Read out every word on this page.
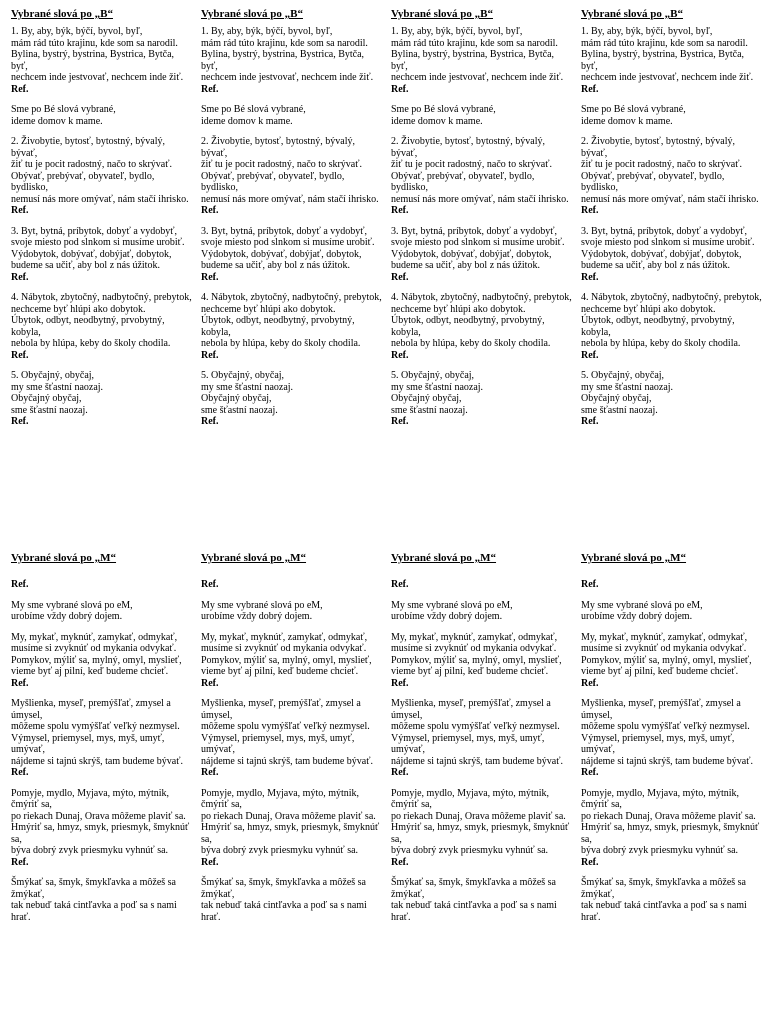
Vybrané slová po „B“
1. By, aby, býk, býčí, byvol, byľ,
mám rád túto krajinu, kde som sa narodil.
Bylina, bystrý, bystrina, Bystrica, Bytča, byť,
nechcem inde jestvovať, nechcem inde žiť.
Ref.
Sme po Bé slová vybrané,
ideme domov k mame.
2. Živobytie, bytosť, bytostný, bývalý, bývať,
žiť tu je pocit radostný, načo to skrývať.
Obývať, prebývať, obyvateľ, bydlo, bydlisko,
nemusí nás more omývať, nám stačí ihrisko.
Ref.
3. Byt, bytná, príbytok, dobyť a vydobyť,
svoje miesto pod slnkom si musíme urobiť.
Výdobytok, dobývať, dobýjať, dobytok,
budeme sa učiť, aby bol z nás úžitok.
Ref.
4. Nábytok, zbytočný, nadbytočný, prebytok,
nechceme byť hlúpi ako dobytok.
Úbytok, odbyt, neodbytný, prvobytný, kobyla,
nebola by hlúpa, keby do školy chodila.
Ref.
5. Obyčajný, obyčaj,
my sme šťastní naozaj.
Obyčajný obyčaj,
sme šťastní naozaj.
Ref.
Vybrané slová po „B“
1. By, aby, býk, býčí, byvol, byľ,
mám rád túto krajinu, kde som sa narodil.
Bylina, bystrý, bystrina, Bystrica, Bytča, byť,
nechcem inde jestvovať, nechcem inde žiť.
Ref.
Sme po Bé slová vybrané,
ideme domov k mame.
2. Živobytie, bytosť, bytostný, bývalý, bývať,
žiť tu je pocit radostný, načo to skrývať.
Obývať, prebývať, obyvateľ, bydlo, bydlisko,
nemusí nás more omývať, nám stačí ihrisko.
Ref.
3. Byt, bytná, príbytok, dobyť a vydobyť,
svoje miesto pod slnkom si musíme urobiť.
Výdobytok, dobývať, dobýjať, dobytok,
budeme sa učiť, aby bol z nás úžitok.
Ref.
4. Nábytok, zbytočný, nadbytočný, prebytok,
nechceme byť hlúpi ako dobytok.
Úbytok, odbyt, neodbytný, prvobytný, kobyla,
nebola by hlúpa, keby do školy chodila.
Ref.
5. Obyčajný, obyčaj,
my sme šťastní naozaj.
Obyčajný obyčaj,
sme šťastní naozaj.
Ref.
Vybrané slová po „B“
1. By, aby, býk, býčí, byvol, byľ,
mám rád túto krajinu, kde som sa narodil.
Bylina, bystrý, bystrina, Bystrica, Bytča, byť,
nechcem inde jestvovať, nechcem inde žiť.
Ref.
Sme po Bé slová vybrané,
ideme domov k mame.
2. Živobytie, bytosť, bytostný, bývalý, bývať,
žiť tu je pocit radostný, načo to skrývať.
Obývať, prebývať, obyvateľ, bydlo, bydlisko,
nemusí nás more omývať, nám stačí ihrisko.
Ref.
3. Byt, bytná, príbytok, dobyť a vydobyť,
svoje miesto pod slnkom si musíme urobiť.
Výdobytok, dobývať, dobýjať, dobytok,
budeme sa učiť, aby bol z nás úžitok.
Ref.
4. Nábytok, zbytočný, nadbytočný, prebytok,
nechceme byť hlúpi ako dobytok.
Úbytok, odbyt, neodbytný, prvobytný, kobyla,
nebola by hlúpa, keby do školy chodila.
Ref.
5. Obyčajný, obyčaj,
my sme šťastní naozaj.
Obyčajný obyčaj,
sme šťastní naozaj.
Ref.
Vybrané slová po „B“
1. By, aby, býk, býčí, byvol, byľ,
mám rád túto krajinu, kde som sa narodil.
Bylina, bystrý, bystrina, Bystrica, Bytča, byť,
nechcem inde jestvovať, nechcem inde žiť.
Ref.
Sme po Bé slová vybrané,
ideme domov k mame.
2. Živobytie, bytosť, bytostný, bývalý, bývať,
žiť tu je pocit radostný, načo to skrývať.
Obývať, prebývať, obyvateľ, bydlo, bydlisko,
nemusí nás more omývať, nám stačí ihrisko.
Ref.
3. Byt, bytná, príbytok, dobyť a vydobyť,
svoje miesto pod slnkom si musíme urobiť.
Výdobytok, dobývať, dobýjať, dobytok,
budeme sa učiť, aby bol z nás úžitok.
Ref.
4. Nábytok, zbytočný, nadbytočný, prebytok,
nechceme byť hlúpi ako dobytok.
Úbytok, odbyt, neodbytný, prvobytný, kobyla,
nebola by hlúpa, keby do školy chodila.
Ref.
5. Obyčajný, obyčaj,
my sme šťastní naozaj.
Obyčajný obyčaj,
sme šťastní naozaj.
Ref.
Vybrané slová po „M“
Ref.
My sme vybrané slová po eM,
urobíme vždy dobrý dojem.
My, mykať, myknúť, zamykať, odmykať,
musíme si zvyknúť od mykania odvykať.
Pomykov, mýliť sa, mylný, omyl, myslieť,
vieme byť aj pilní, keď budeme chcieť.
Ref.
Myšlienka, myseľ, premýšľať, zmysel a úmysel,
môžeme spolu vymýšľať veľký nezmysel.
Výmysel, priemysel, mys, myš, umyť, umývať,
nájdeme si tajnú skrýš, tam budeme bývať.
Ref.
Pomyje, mydlo, Myjava, mýto, mýtnik, čmýriť sa,
po riekach Dunaj, Orava môžeme plaviť sa.
Hmýriť sa, hmyz, smyk, priesmyk, šmyknúť sa,
býva dobrý zvyk priesmyku vyhnúť sa.
Ref.
Šmýkať sa, šmyk, šmykľavka a môžeš sa žmýkať,
tak nebuď taká cintľavka a poď sa s nami hrať.
Vybrané slová po „M“
Ref.
My sme vybrané slová po eM,
urobíme vždy dobrý dojem.
My, mykať, myknúť, zamykať, odmykať,
musíme si zvyknúť od mykania odvykať.
Pomykov, mýliť sa, mylný, omyl, myslieť,
vieme byť aj pilní, keď budeme chcieť.
Ref.
Myšlienka, myseľ, premýšľať, zmysel a úmysel,
môžeme spolu vymýšľať veľký nezmysel.
Výmysel, priemysel, mys, myš, umyť, umývať,
nájdeme si tajnú skrýš, tam budeme bývať.
Ref.
Pomyje, mydlo, Myjava, mýto, mýtnik, čmýriť sa,
po riekach Dunaj, Orava môžeme plaviť sa.
Hmýriť sa, hmyz, smyk, priesmyk, šmyknúť sa,
býva dobrý zvyk priesmyku vyhnúť sa.
Ref.
Šmýkať sa, šmyk, šmykľavka a môžeš sa žmýkať,
tak nebuď taká cintľavka a poď sa s nami hrať.
Vybrané slová po „M“
Ref.
My sme vybrané slová po eM,
urobíme vždy dobrý dojem.
My, mykať, myknúť, zamykať, odmykať,
musíme si zvyknúť od mykania odvykať.
Pomykov, mýliť sa, mylný, omyl, myslieť,
vieme byť aj pilní, keď budeme chcieť.
Ref.
Myšlienka, myseľ, premýšľať, zmysel a úmysel,
môžeme spolu vymýšľať veľký nezmysel.
Výmysel, priemysel, mys, myš, umyť, umývať,
nájdeme si tajnú skrýš, tam budeme bývať.
Ref.
Pomyje, mydlo, Myjava, mýto, mýtnik, čmýriť sa,
po riekach Dunaj, Orava môžeme plaviť sa.
Hmýriť sa, hmyz, smyk, priesmyk, šmyknúť sa,
býva dobrý zvyk priesmyku vyhnúť sa.
Ref.
Šmýkať sa, šmyk, šmykľavka a môžeš sa žmýkať,
tak nebuď taká cintľavka a poď sa s nami hrať.
Vybrané slová po „M“
Ref.
My sme vybrané slová po eM,
urobíme vždy dobrý dojem.
My, mykať, myknúť, zamykať, odmykať,
musíme si zvyknúť od mykania odvykať.
Pomykov, mýliť sa, mylný, omyl, myslieť,
vieme byť aj pilní, keď budeme chcieť.
Ref.
Myšlienka, myseľ, premýšľať, zmysel a úmysel,
môžeme spolu vymýšľať veľký nezmysel.
Výmysel, priemysel, mys, myš, umyť, umývať,
nájdeme si tajnú skrýš, tam budeme bývať.
Ref.
Pomyje, mydlo, Myjava, mýto, mýtnik, čmýriť sa,
po riekach Dunaj, Orava môžeme plaviť sa.
Hmýriť sa, hmyz, smyk, priesmyk, šmyknúť sa,
býva dobrý zvyk priesmyku vyhnúť sa.
Ref.
Šmýkať sa, šmyk, šmykľavka a môžeš sa žmýkať,
tak nebuď taká cintľavka a poď sa s nami hrať.
